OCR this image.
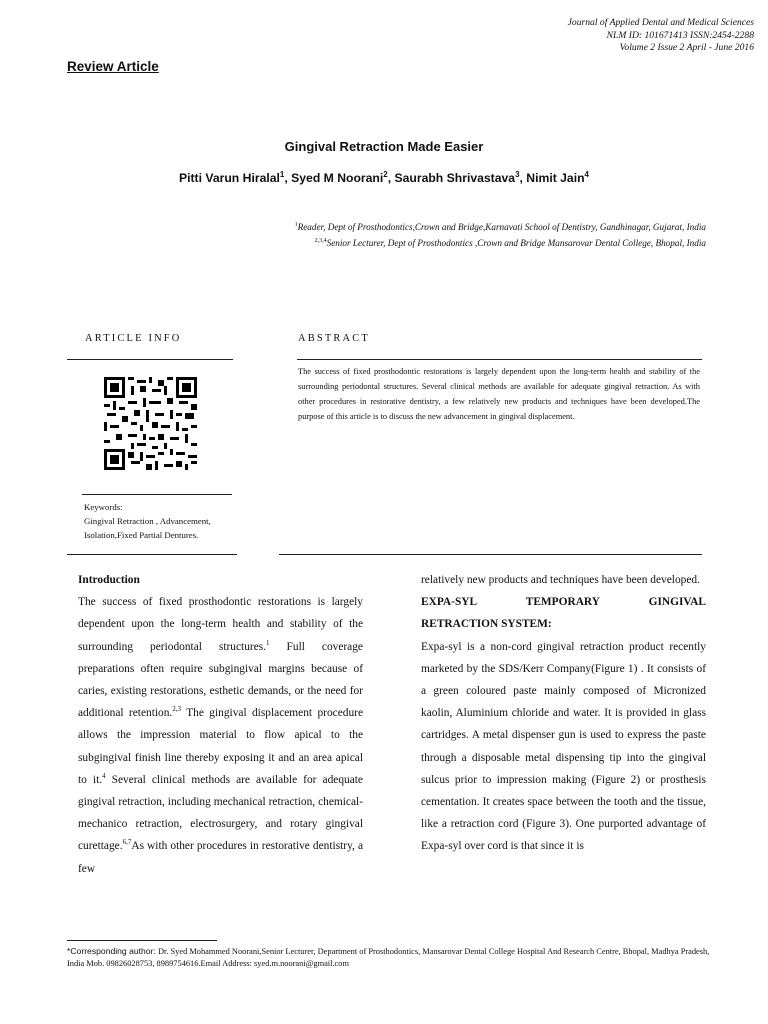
Journal of Applied Dental and Medical Sciences
NLM ID: 101671413 ISSN:2454-2288
Volume 2 Issue 2 April - June 2016
Review Article
Gingival Retraction Made Easier
Pitti Varun Hiralal$^1$, Syed M Noorani$^2$, Saurabh Shrivastava$^3$, Nimit Jain$^4$
$^1$Reader, Dept of Prosthodontics,Crown and Bridge,Karnavati School of Dentistry, Gandhinagar, Gujarat, India
$^{2,3,4}$Senior Lecturer, Dept of Prosthodontics ,Crown and Bridge Mansarovar Dental College, Bhopal, India
ARTICLE INFO	ABSTRACT
The success of fixed prosthodontic restorations is largely dependent upon the long-term health and stability of the surrounding periodontal structures. Several clinical methods are available for adequate gingival retraction. As with other procedures in restorative dentistry, a few relatively new products and techniques have been developed.The purpose of this article is to discuss the new advancement in gingival displacement.
Keywords:
Gingival Retraction , Advancement,
Isolation,Fixed Partial Dentures.

Introduction

The success of fixed prosthodontic restorations is largely dependent upon the long-term health and stability of the surrounding periodontal structures.$^1$ Full coverage preparations often require subgingival margins because of caries, existing restorations, esthetic demands, or the need for additional retention.$^{2,3}$ The gingival displacement procedure allows the impression material to flow apical to the subgingival finish line thereby exposing it and an area apical to it.$^4$ Several clinical methods are available for adequate gingival retraction, including mechanical retraction, chemical-mechanico retraction, electrosurgery, and rotary gingival curettage.$^{6,7}$As with other procedures in restorative dentistry, a few

relatively new products and techniques have been developed.

EXPA-SYL	TEMPORARY	GINGIVAL

RETRACTION SYSTEM:

Expa-syl is a non-cord gingival retraction product recently marketed by the SDS/Kerr Company(Figure 1) . It consists of a green coloured paste mainly composed of Micronized kaolin, Aluminium chloride and water. It is provided in glass cartridges. A metal dispenser gun is used to express the paste through a disposable metal dispensing tip into the gingival sulcus prior to impression making (Figure 2) or prosthesis cementation. It creates space between the tooth and the tissue, like a retraction cord (Figure 3). One purported advantage of Expa-syl over cord is that since it is

*Corresponding author: Dr. Syed Mohammed Noorani,Senior Lecturer, Department of Prosthodontics, Mansarovar Dental College Hospital And Research Centre, Bhopal, Madhya Pradesh, India Mob. 09826028753, 8989754616.Email Address: syed.m.noorani@gmail.com
